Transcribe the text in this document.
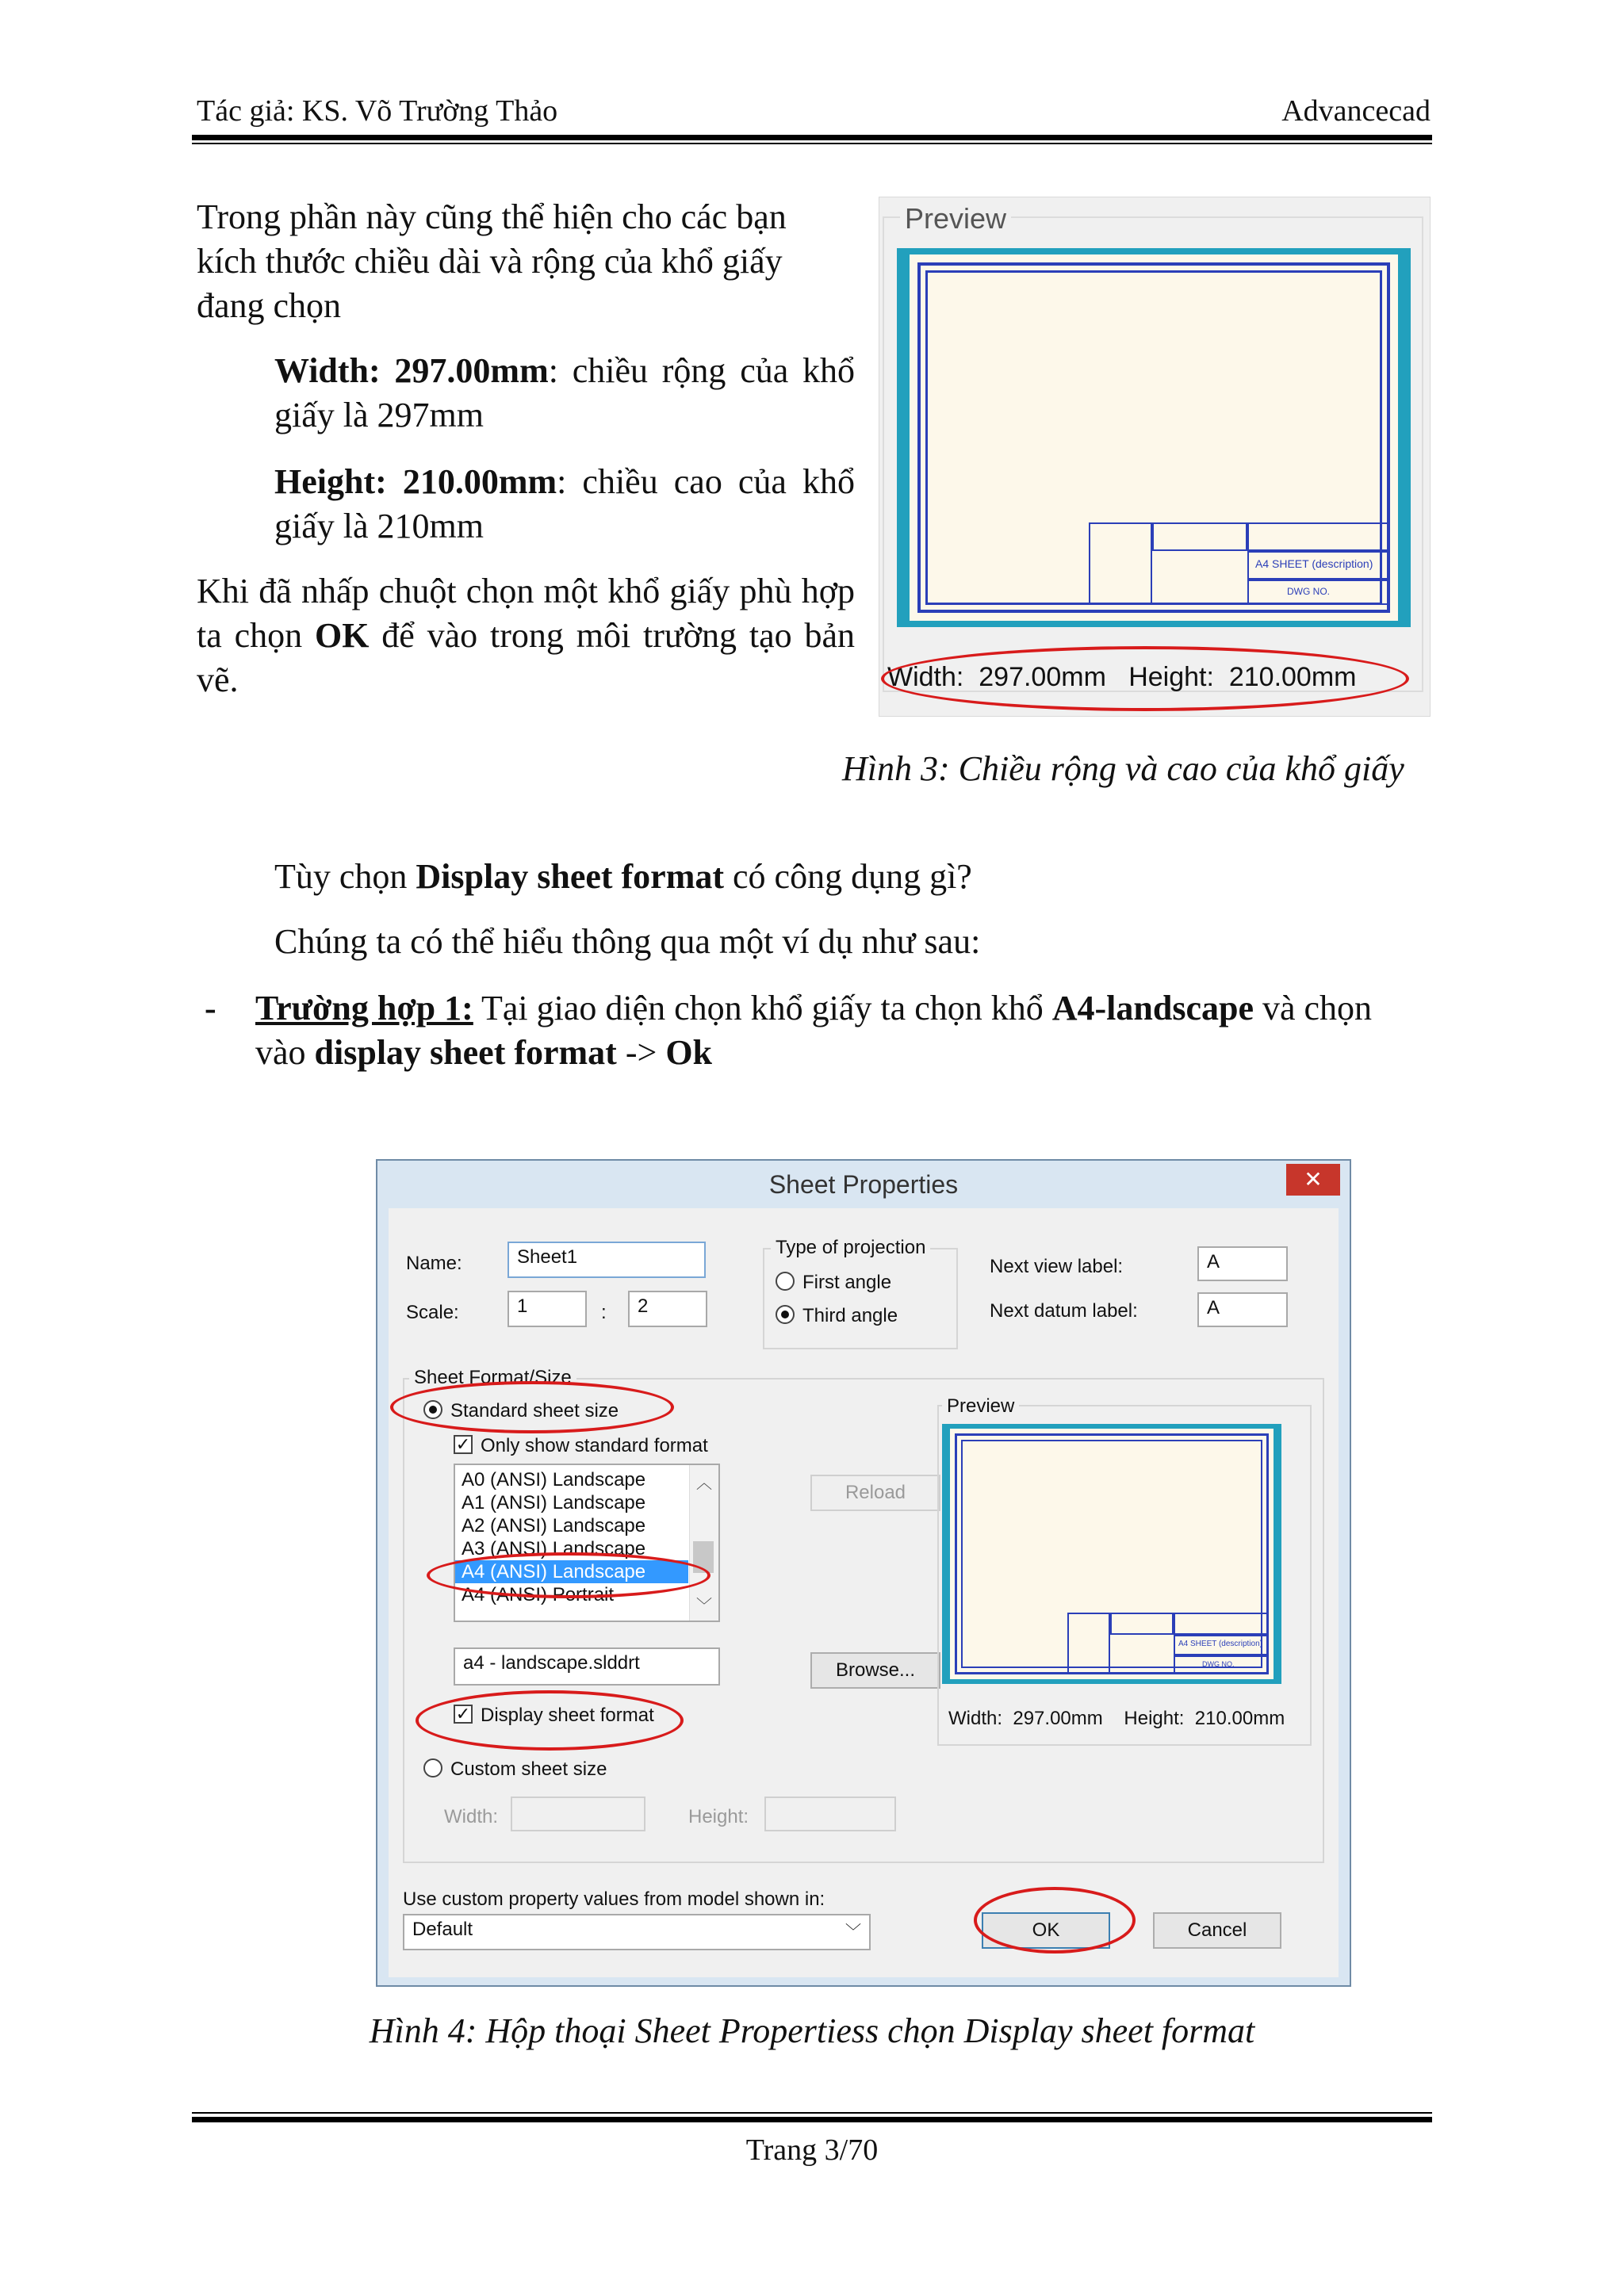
Tác giả: KS. Võ Trường Thảo	Advancecad
Trong phần này cũng thể hiện cho các bạn kích thước chiều dài và rộng của khổ giấy đang chọn
Width: 297.00mm: chiều rộng của khổ giấy là 297mm
Height: 210.00mm: chiều cao của khổ giấy là 210mm
Khi đã nhấp chuột chọn một khổ giấy phù hợp ta chọn OK để vào trong môi trường tạo bản vẽ.
Preview
A4 SHEET (description)
DWG NO.
Width:  297.00mm   Height:  210.00mm
Hình 3: Chiều rộng và cao của khổ giấy
Tùy chọn Display sheet format có công dụng gì?
Chúng ta có thể hiểu thông qua một ví dụ như sau:
- Trường hợp 1: Tại giao diện chọn khổ giấy ta chọn khổ A4-landscape và chọn vào display sheet format -> Ok
Sheet Properties	✕
Name:	Sheet1
Scale:	1	:	2
Type of projection
First angle
Third angle
Next view label:	A
Next datum label:	A
Sheet Format/Size
Standard sheet size
✓ Only show standard format
A0 (ANSI) Landscape
A1 (ANSI) Landscape
A2 (ANSI) Landscape
A3 (ANSI) Landscape
A4 (ANSI) Landscape
A4 (ANSI) Portrait
︿
﹀
Reload
a4 - landscape.slddrt	Browse...
✓ Display sheet format
Custom sheet size
Width:	Height:
Preview
A4 SHEET (description)
DWG NO.
Width:  297.00mm    Height:  210.00mm
Use custom property values from model shown in:
Default	﹀	OK	Cancel
Hình 4: Hộp thoại Sheet Propertiess chọn Display sheet format
Trang 3/70
